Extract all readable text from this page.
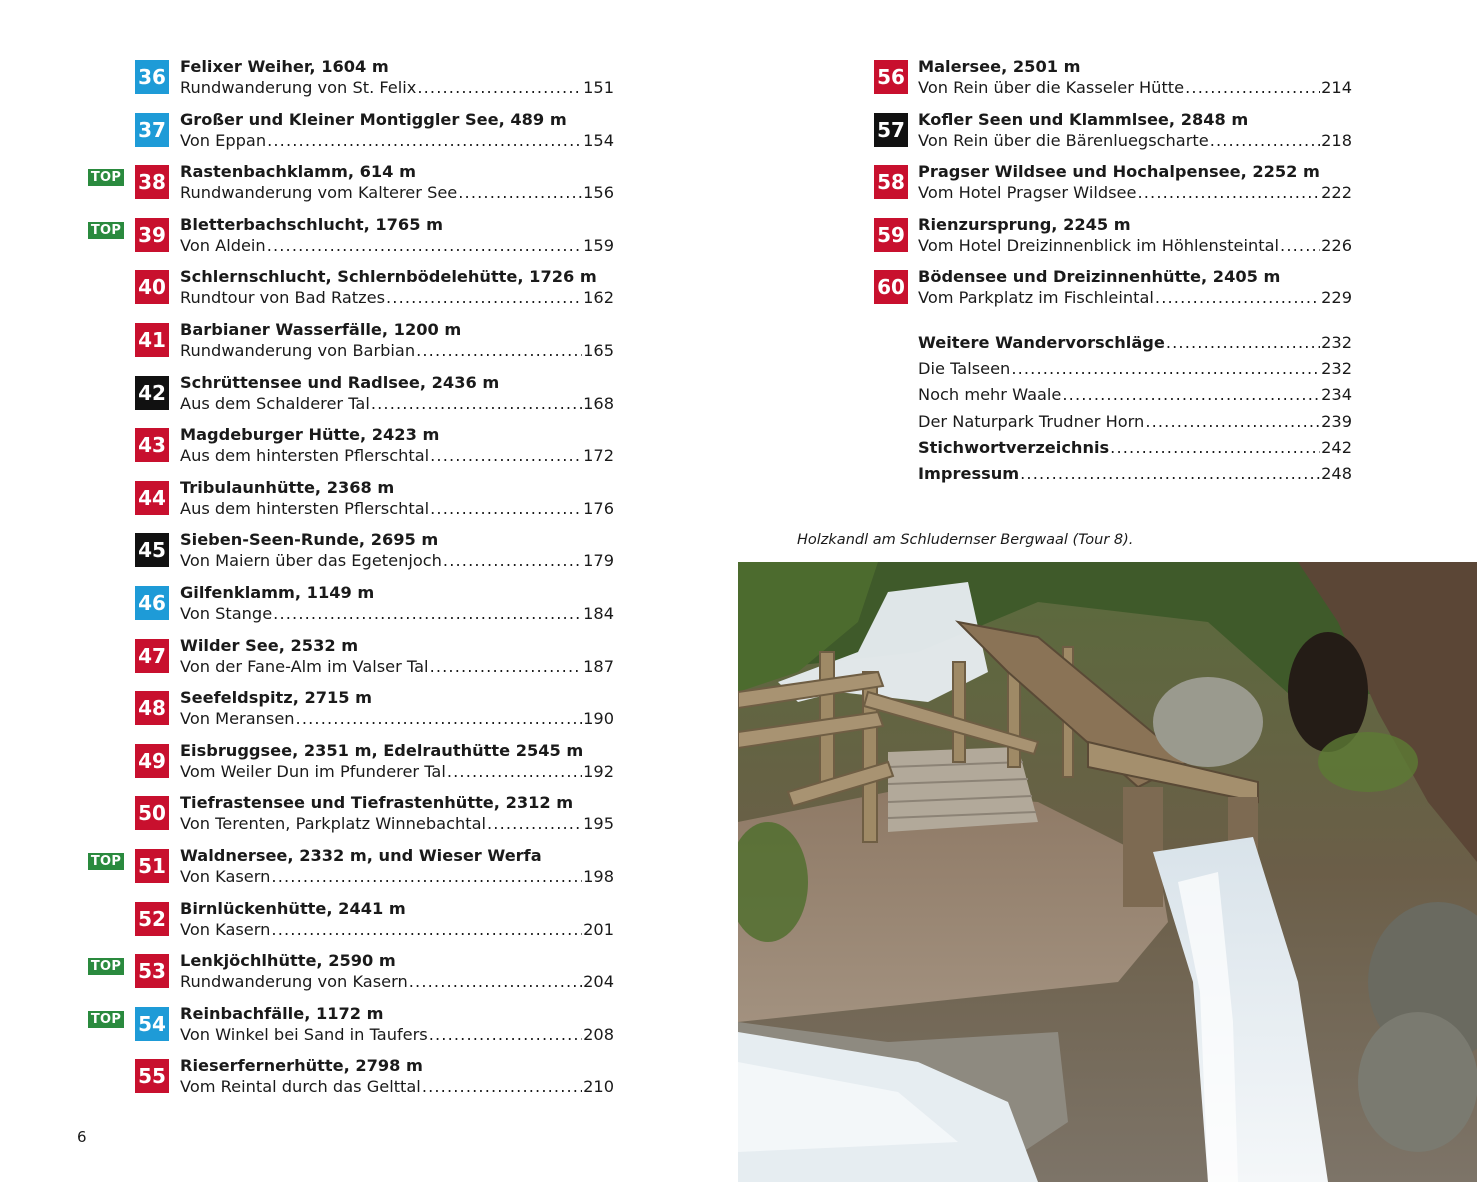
36 Felixer Weiher, 1604 m
Rundwanderung von St. Felix . . .	151
37 Großer und Kleiner Montiggler See, 489 m
Von Eppan . . .	154
TOP 38 Rastenbachklamm, 614 m
Rundwanderung vom Kalterer See . . .	156
TOP 39 Bletterbachschlucht, 1765 m
Von Aldein . . .	159
40 Schlernschlucht, Schlernbödelehütte, 1726 m
Rundtour von Bad Ratzes . . .	162
41 Barbianer Wasserfälle, 1200 m
Rundwanderung von Barbian . . .	165
42 Schrüttensee und Radlsee, 2436 m
Aus dem Schalderer Tal . . .	168
43 Magdeburger Hütte, 2423 m
Aus dem hintersten Pflerschtal . . .	172
44 Tribulaunhütte, 2368 m
Aus dem hintersten Pflerschtal . . .	176
45 Sieben-Seen-Runde, 2695 m
Von Maiern über das Egetenjoch . . .	179
46 Gilfenklamm, 1149 m
Von Stange . . .	184
47 Wilder See, 2532 m
Von der Fane-Alm im Valser Tal . . .	187
48 Seefeldspitz, 2715 m
Von Meransen . . .	190
49 Eisbruggsee, 2351 m, Edelrauthütte 2545 m
Vom Weiler Dun im Pfunderer Tal . . .	192
50 Tiefrastensee und Tiefrastenhütte, 2312 m
Von Terenten, Parkplatz Winnebachtal . . .	195
TOP 51 Waldnersee, 2332 m, und Wieser Werfa
Von Kasern . . .	198
52 Birnlückenhütte, 2441 m
Von Kasern . . .	201
TOP 53 Lenkjöchlhütte, 2590 m
Rundwanderung von Kasern . . .	204
TOP 54 Reinbachfälle, 1172 m
Von Winkel bei Sand in Taufers . . .	208
55 Rieserfernerhütte, 2798 m
Vom Reintal durch das Gelttal . . .	210
56 Malersee, 2501 m
Von Rein über die Kasseler Hütte . . .	214
57 Kofler Seen und Klammlsee, 2848 m
Von Rein über die Bärenluegscharte . . .	218
58 Pragser Wildsee und Hochalpensee, 2252 m
Vom Hotel Pragser Wildsee . . .	222
59 Rienzursprung, 2245 m
Vom Hotel Dreizinnenblick im Höhlensteintal . . .	226
60 Bödensee und Dreizinnenhütte, 2405 m
Vom Parkplatz im Fischleintal . . .	229
Weitere Wandervorschläge . . .	232
Die Talseen . . .	232
Noch mehr Waale . . .	234
Der Naturpark Trudner Horn . . .	239
Stichwortverzeichnis . . .	242
Impressum . . .	248
Holzkandl am Schludernser Bergwaal (Tour 8).
6
